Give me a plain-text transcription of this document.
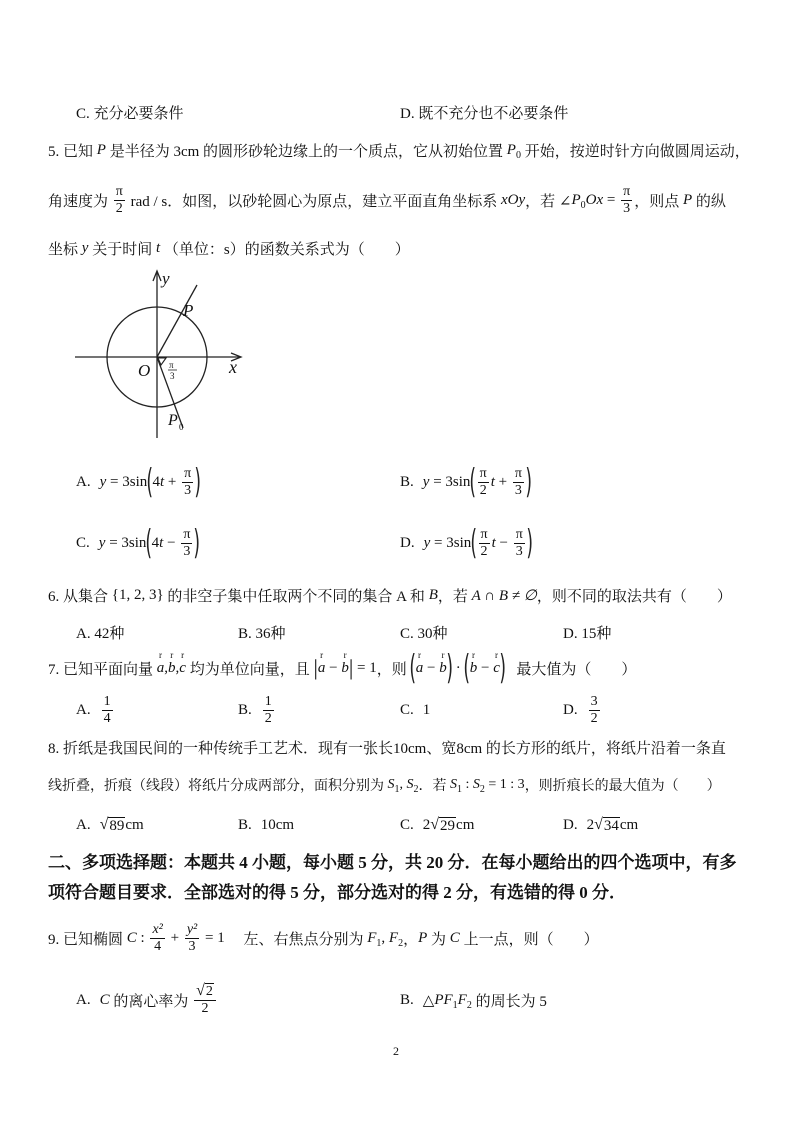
C. 充分必要条件	D. 既不充分也不必要条件
5. 已知 P 是半径为 3cm 的圆形砂轮边缘上的一个质点，它从初始位置 $P_0$ 开始，按逆时针方向做圆周运动，
角速度为 $\frac{\pi}{2}$ rad / s．如图，以砂轮圆心为原点，建立平面直角坐标系 xOy ，若 ∠ $P_0$ $Ox = \frac{\pi}{3}$ ，则点 P 的纵
坐标 y 关于时间 t （单位：s）的函数关系式为（　　）
y
P
O	x
P 0
π
3
A. y = 3sin ( 4 $t + \frac{\pi}{3}$ )	B. y = 3sin ( $\frac{\pi}{2}$ $t + \frac{\pi}{3}$ )
C. y = 3sin ( 4 $t - \frac{\pi}{3}$ )	D. y = 3sin ( $\frac{\pi}{2}$ $t - \frac{\pi}{3}$ )
6. 从集合 {1, 2, 3} 的非空子集中任取两个不同的集合 A 和 B ，若 A ∩ B ≠ ∅ ，则不同的取法共有（　　）
A. 42种	B. 36种	C. 30种	D. 15种
7. 已知平面向量
r
a ,
r
b ,
r
c 均为单位向量，且 |
r
a −
r
b | = 1 ，则 ( r
a −
r
b ) · ( r
b −
r
c ) 最大值为（　　）
A. $\frac{1}{4}$	B. $\frac{1}{2}$	C. 1	D. $\frac{3}{2}$
8. 折纸是我国民间的一种传统手工艺术．现有一张长10cm、宽8cm 的长方形的纸片，将纸片沿着一条直
线折叠，折痕（线段）将纸片分成两部分，面积分别为 $S_1$ , $S_2$ ．若 $S_1$ : $S_2 = 1$ : 3 ，则折痕长的最大值为（　　）
A. √ 89 cm	B. 10cm	C. 2 √ 29 cm	D. 2 √ 34 cm
二、多项选择题：本题共 4 小题，每小题 5 分，共 20 分．在每小题给出的四个选项中，有多
项符合题目要求．全部选对的得 5 分，部分选对的得 2 分，有选错的得 0 分．
9. 已知椭圆 C : $\frac{\text{x²}}{4} + \frac{\text{y²}}{3} = 1$ 左、右焦点分别为 $F_1$ , $F_2$ ， P 为 C 上一点，则（　　）
A. C 的离心率为 $\frac{√2}{2}$	B. △ P $F_1$ $F_2$ 的周长为 5
2
